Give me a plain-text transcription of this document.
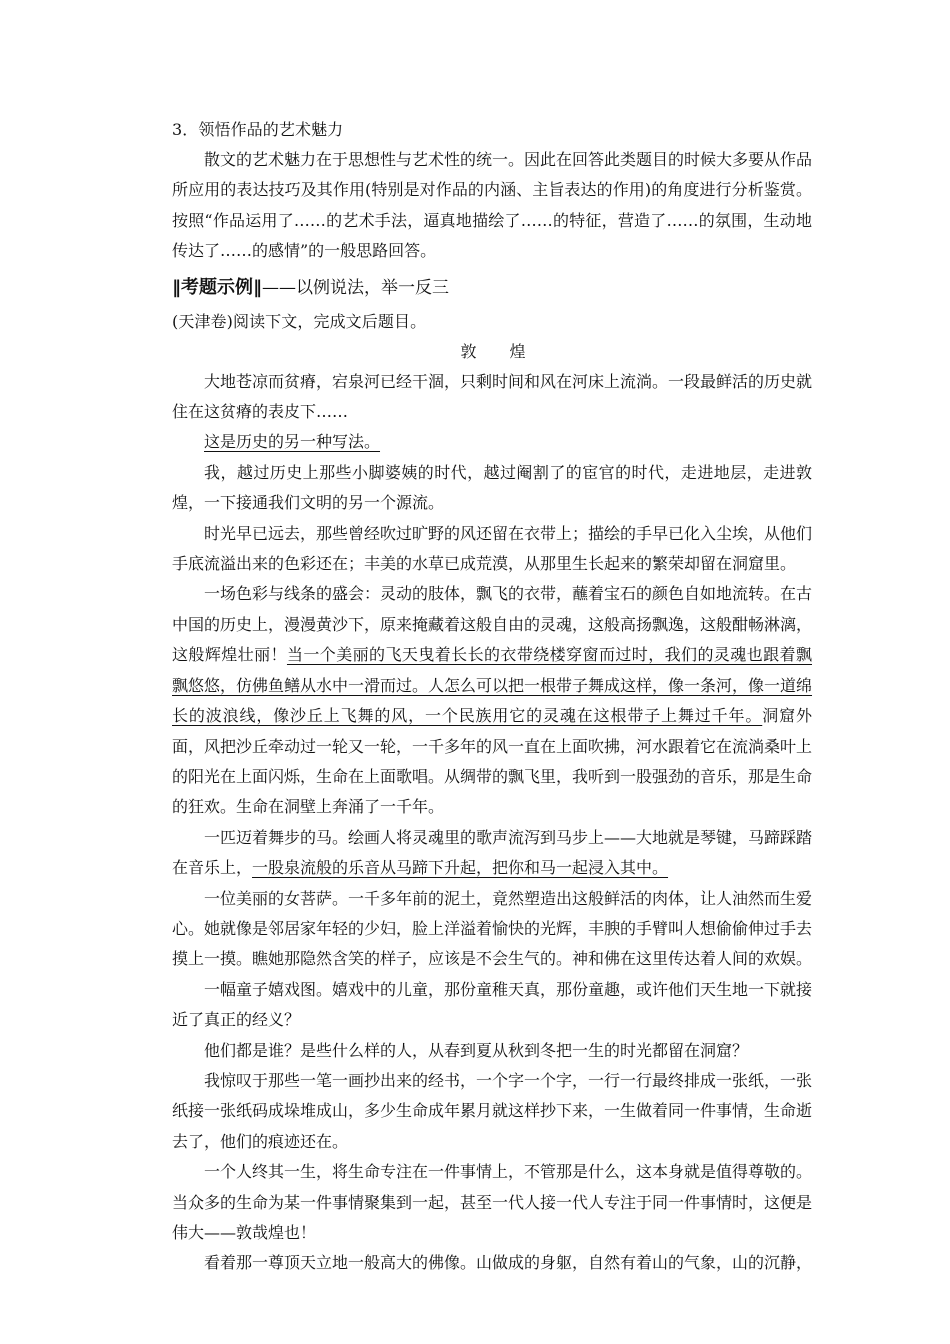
3．领悟作品的艺术魅力

散文的艺术魅力在于思想性与艺术性的统一。因此在回答此类题目的时候大多要从作品所应用的表达技巧及其作用(特别是对作品的内涵、主旨表达的作用)的角度进行分析鉴赏。按照“作品运用了……的艺术手法，逼真地描绘了……的特征，营造了……的氛围，生动地传达了……的感情”的一般思路回答。

‖考题示例‖——以例说法，举一反三
(天津卷)阅读下文，完成文后题目。
敦 煌

大地苍凉而贫瘠，宕泉河已经干涸，只剩时间和风在河床上流淌。一段最鲜活的历史就住在这贫瘠的表皮下……

这是历史的另一种写法。

我，越过历史上那些小脚婆姨的时代，越过阉割了的宦官的时代，走进地层，走进敦煌，一下接通我们文明的另一个源流。

时光早已远去，那些曾经吹过旷野的风还留在衣带上；描绘的手早已化入尘埃，从他们手底流溢出来的色彩还在；丰美的水草已成荒漠，从那里生长起来的繁荣却留在洞窟里。

一场色彩与线条的盛会：灵动的肢体，飘飞的衣带，蘸着宝石的颜色自如地流转。在古中国的历史上，漫漫黄沙下，原来掩藏着这般自由的灵魂，这般高扬飘逸，这般酣畅淋漓，这般辉煌壮丽！当一个美丽的飞天曳着长长的衣带绕楼穿窗而过时，我们的灵魂也跟着飘飘悠悠，仿佛鱼鳝从水中一滑而过。人怎么可以把一根带子舞成这样，像一条河，像一道绵长的波浪线，像沙丘上飞舞的风，一个民族用它的灵魂在这根带子上舞过千年。洞窟外面，风把沙丘牵动过一轮又一轮，一千多年的风一直在上面吹拂，河水跟着它在流淌桑叶上的阳光在上面闪烁，生命在上面歌唱。从绸带的飘飞里，我听到一股强劲的音乐，那是生命的狂欢。生命在洞壁上奔涌了一千年。

一匹迈着舞步的马。绘画人将灵魂里的歌声流泻到马步上——大地就是琴键，马蹄踩踏在音乐上，一股泉流般的乐音从马蹄下升起，把你和马一起浸入其中。

一位美丽的女菩萨。一千多年前的泥土，竟然塑造出这般鲜活的肉体，让人油然而生爱心。她就像是邻居家年轻的少妇，脸上洋溢着愉快的光辉，丰腴的手臂叫人想偷偷伸过手去摸上一摸。瞧她那隐然含笑的样子，应该是不会生气的。神和佛在这里传达着人间的欢娱。

一幅童子嬉戏图。嬉戏中的儿童，那份童稚天真，那份童趣，或许他们天生地一下就接近了真正的经义？

他们都是谁？是些什么样的人，从春到夏从秋到冬把一生的时光都留在洞窟？

我惊叹于那些一笔一画抄出来的经书，一个字一个字，一行一行最终排成一张纸，一张纸接一张纸码成垛堆成山，多少生命成年累月就这样抄下来，一生做着同一件事情，生命逝去了，他们的痕迹还在。

一个人终其一生，将生命专注在一件事情上，不管那是什么，这本身就是值得尊敬的。当众多的生命为某一件事情聚集到一起，甚至一代人接一代人专注于同一件事情时，这便是伟大——敦哉煌也！

看着那一尊顶天立地一般高大的佛像。山做成的身躯，自然有着山的气象，山的沉静，
